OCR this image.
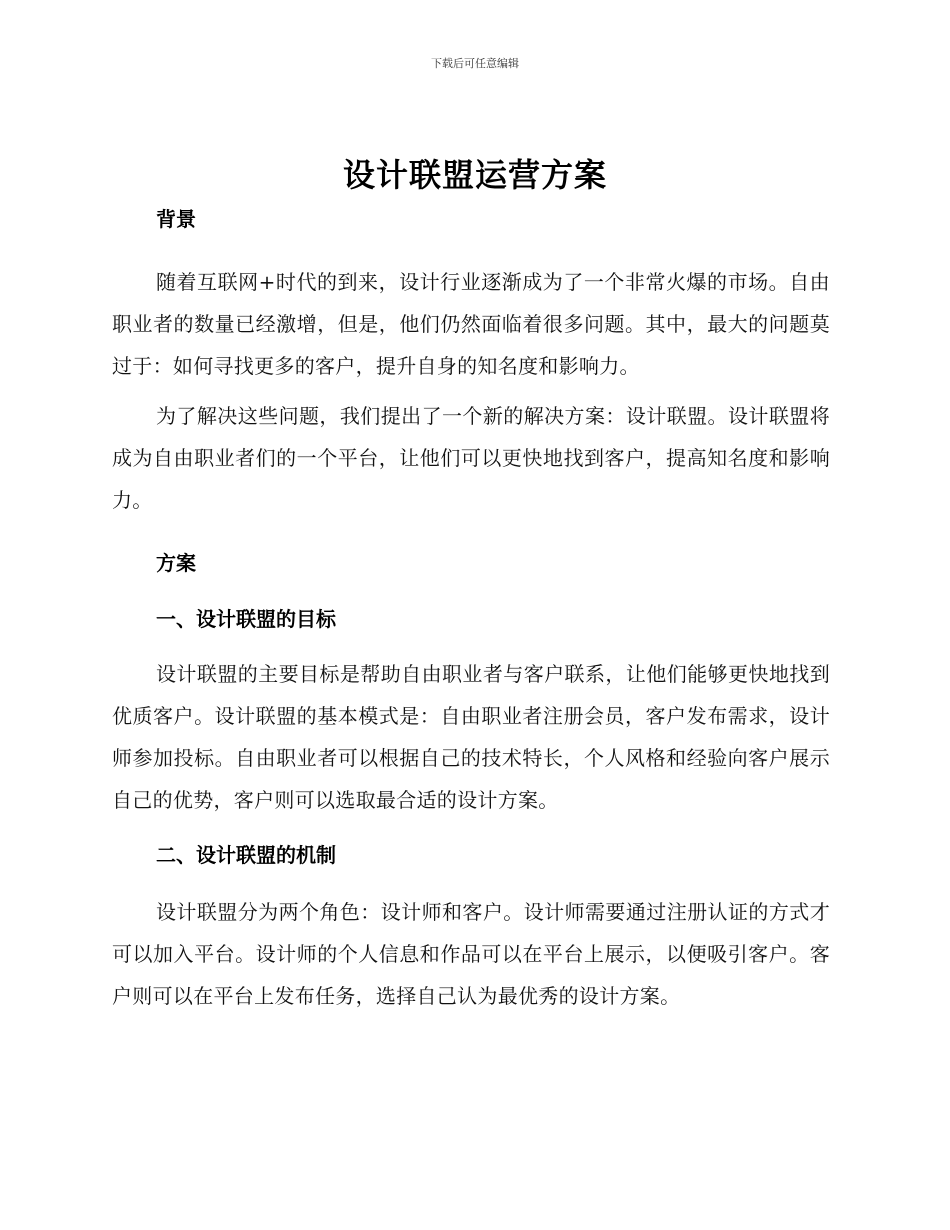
下载后可任意编辑

设计联盟运营方案
背景

随着互联网+时代的到来，设计行业逐渐成为了一个非常火爆的市场。自由职业者的数量已经激增，但是，他们仍然面临着很多问题。其中，最大的问题莫过于：如何寻找更多的客户，提升自身的知名度和影响力。

为了解决这些问题，我们提出了一个新的解决方案：设计联盟。设计联盟将成为自由职业者们的一个平台，让他们可以更快地找到客户，提高知名度和影响力。

方案
一、设计联盟的目标

设计联盟的主要目标是帮助自由职业者与客户联系，让他们能够更快地找到优质客户。设计联盟的基本模式是：自由职业者注册会员，客户发布需求，设计师参加投标。自由职业者可以根据自己的技术特长，个人风格和经验向客户展示自己的优势，客户则可以选取最合适的设计方案。

二、设计联盟的机制

设计联盟分为两个角色：设计师和客户。设计师需要通过注册认证的方式才可以加入平台。设计师的个人信息和作品可以在平台上展示，以便吸引客户。客户则可以在平台上发布任务，选择自己认为最优秀的设计方案。
